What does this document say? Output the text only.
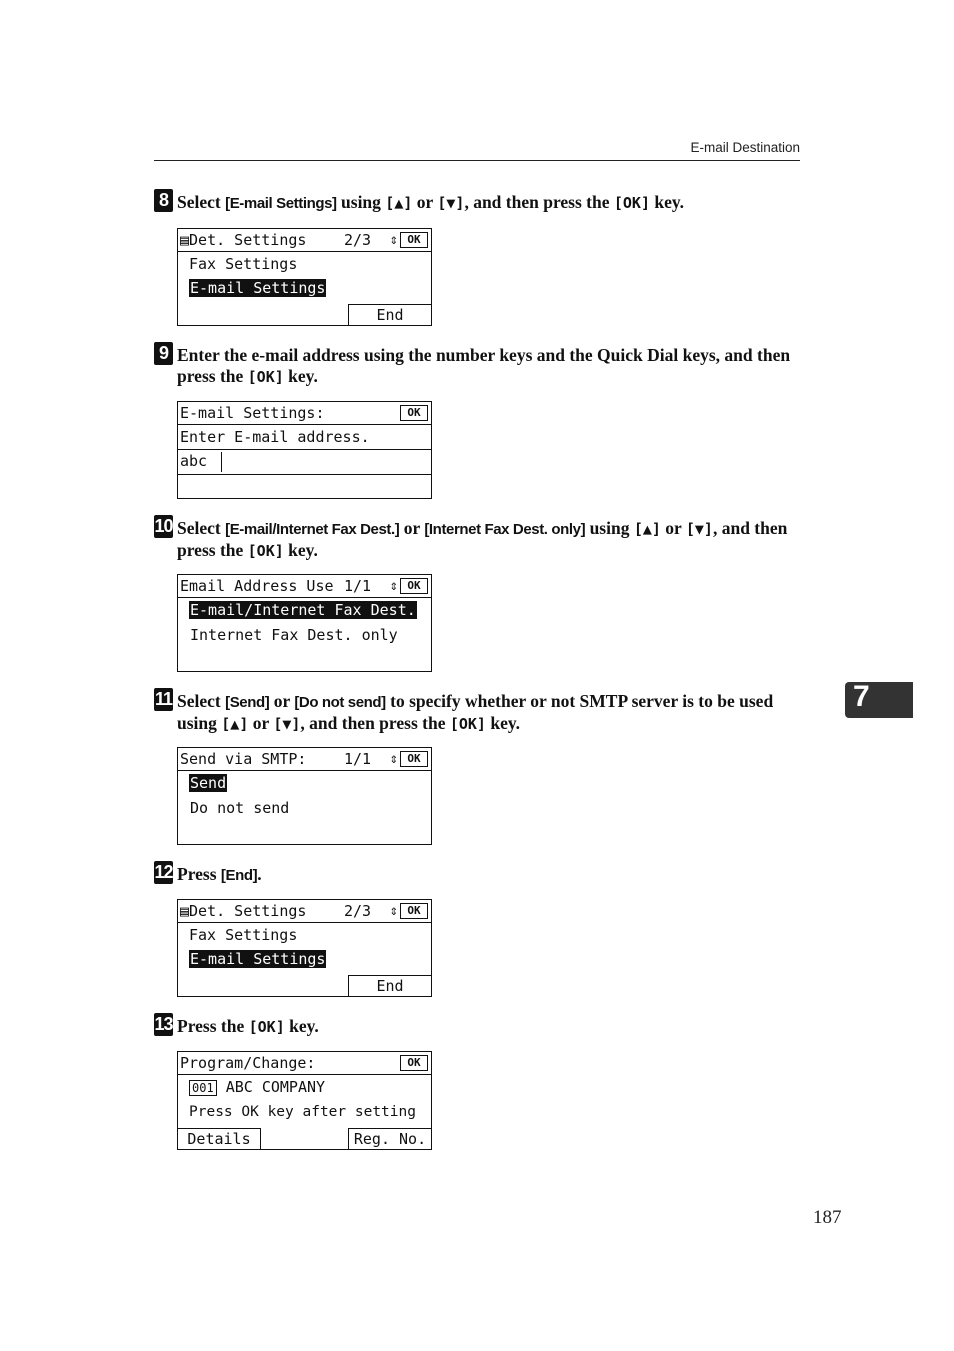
E-mail Destination
8 Select [E-mail Settings] using [▲] or [▼], and then press the [OK] key.
▤Det. Settings	2/3 ⇕ OK
Fax Settings
E-mail Settings
End
9 Enter the e-mail address using the number keys and the Quick Dial keys, and then press the [OK] key.
E-mail Settings:	OK
Enter E-mail address.
abc
10 Select [E-mail/Internet Fax Dest.] or [Internet Fax Dest. only] using [▲] or [▼], and then press the [OK] key.
Email Address Use 1/1 ⇕ OK
E-mail/Internet Fax Dest.
Internet Fax Dest. only
11 Select [Send] or [Do not send] to specify whether or not SMTP server is to be used using [▲] or [▼], and then press the [OK] key.
Send via SMTP:	1/1 ⇕ OK
Send
Do not send
12 Press [End].
▤Det. Settings	2/3 ⇕ OK
Fax Settings
E-mail Settings
End
13 Press the [OK] key.
Program/Change:	OK
001 ABC COMPANY
Press OK key after setting
Details	Reg. No.
7
187
